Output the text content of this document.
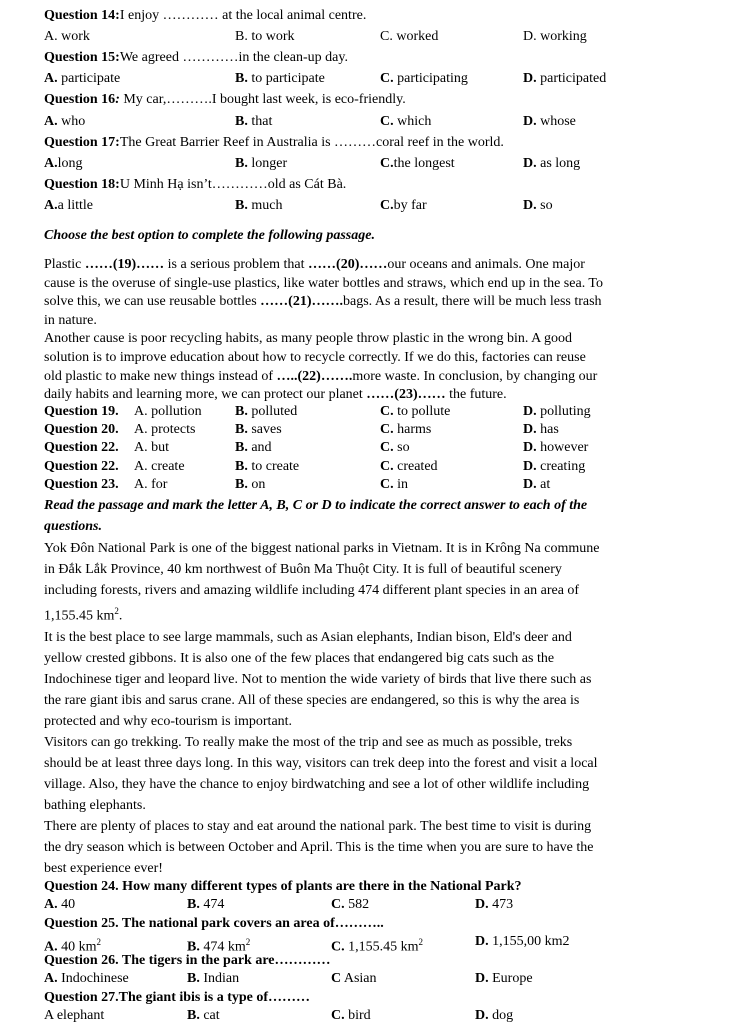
Question 14:I enjoy ………… at the local animal centre.
A. work	B. to work	C. worked	D. working
Question 15:We agreed …………in the clean-up day.
A. participate	B. to participate	C. participating	D. participated
Question 16: My car,……….I bought last week, is eco-friendly.
A. who	B. that	C. which	D. whose
Question 17:The Great Barrier Reef in Australia is ………coral reef in the world.
A.long	B. longer	C.the longest	D. as long
Question 18:U Minh Hạ isn’t…………old as Cát Bà.
A.a little	B. much	C.by far	D. so
Choose the best option to complete the following passage.
Plastic ……(19)…… is a serious problem that ……(20)……our oceans and animals. One major
cause is the overuse of single-use plastics, like water bottles and straws, which end up in the sea. To
solve this, we can use reusable bottles ……(21)…….bags. As a result, there will be much less trash
in nature.
Another cause is poor recycling habits, as many people throw plastic in the wrong bin. A good
solution is to improve education about how to recycle correctly. If we do this, factories can reuse
old plastic to make new things instead of …..(22)…….more waste. In conclusion, by changing our
daily habits and learning more, we can protect our planet ……(23)…… the future.
Question 19. A. pollution B. polluted	C. to pollute	D. polluting
Question 20. A. protects	B. saves	C. harms	D. has
Question 22. A. but	B. and	C. so	D. however
Question 22. A. create	B. to create	C. created	D. creating
Question 23. A. for	B. on	C. in	D. at
Read the passage and mark the letter A, B, C or D to indicate the correct answer to each of the
questions.
Yok Đôn National Park is one of the biggest national parks in Vietnam. It is in Krông Na commune
in Đắk Lắk Province, 40 km northwest of Buôn Ma Thuột City. It is full of beautiful scenery
including forests, rivers and amazing wildlife including 474 different plant species in an area of
1,155.45 $km^2$.
It is the best place to see large mammals, such as Asian elephants, Indian bison, Eld's deer and
yellow crested gibbons. It is also one of the few places that endangered big cats such as the
Indochinese tiger and leopard live. Not to mention the wide variety of birds that live there such as
the rare giant ibis and sarus crane. All of these species are endangered, so this is why the area is
protected and why eco-tourism is important.
Visitors can go trekking. To really make the most of the trip and see as much as possible, treks
should be at least three days long. In this way, visitors can trek deep into the forest and visit a local
village. Also, they have the chance to enjoy birdwatching and see a lot of other wildlife including
bathing elephants.
There are plenty of places to stay and eat around the national park. The best time to visit is during
the dry season which is between October and April. This is the time when you are sure to have the
best experience ever!
Question 24. How many different types of plants are there in the National Park?
A. 40	B. 474	C. 582	D. 473
Question 25. The national park covers an area of………..
A. 40 $km^2$	B. 474 $km^2$	C. 1,155.45 $km^2$	D. 1,155,00 km2
Question 26. The tigers in the park are…………
A. Indochinese	B. Indian	C Asian	D. Europe
Question 27.The giant ibis is a type of………
A elephant	B. cat	C. bird	D. dog
